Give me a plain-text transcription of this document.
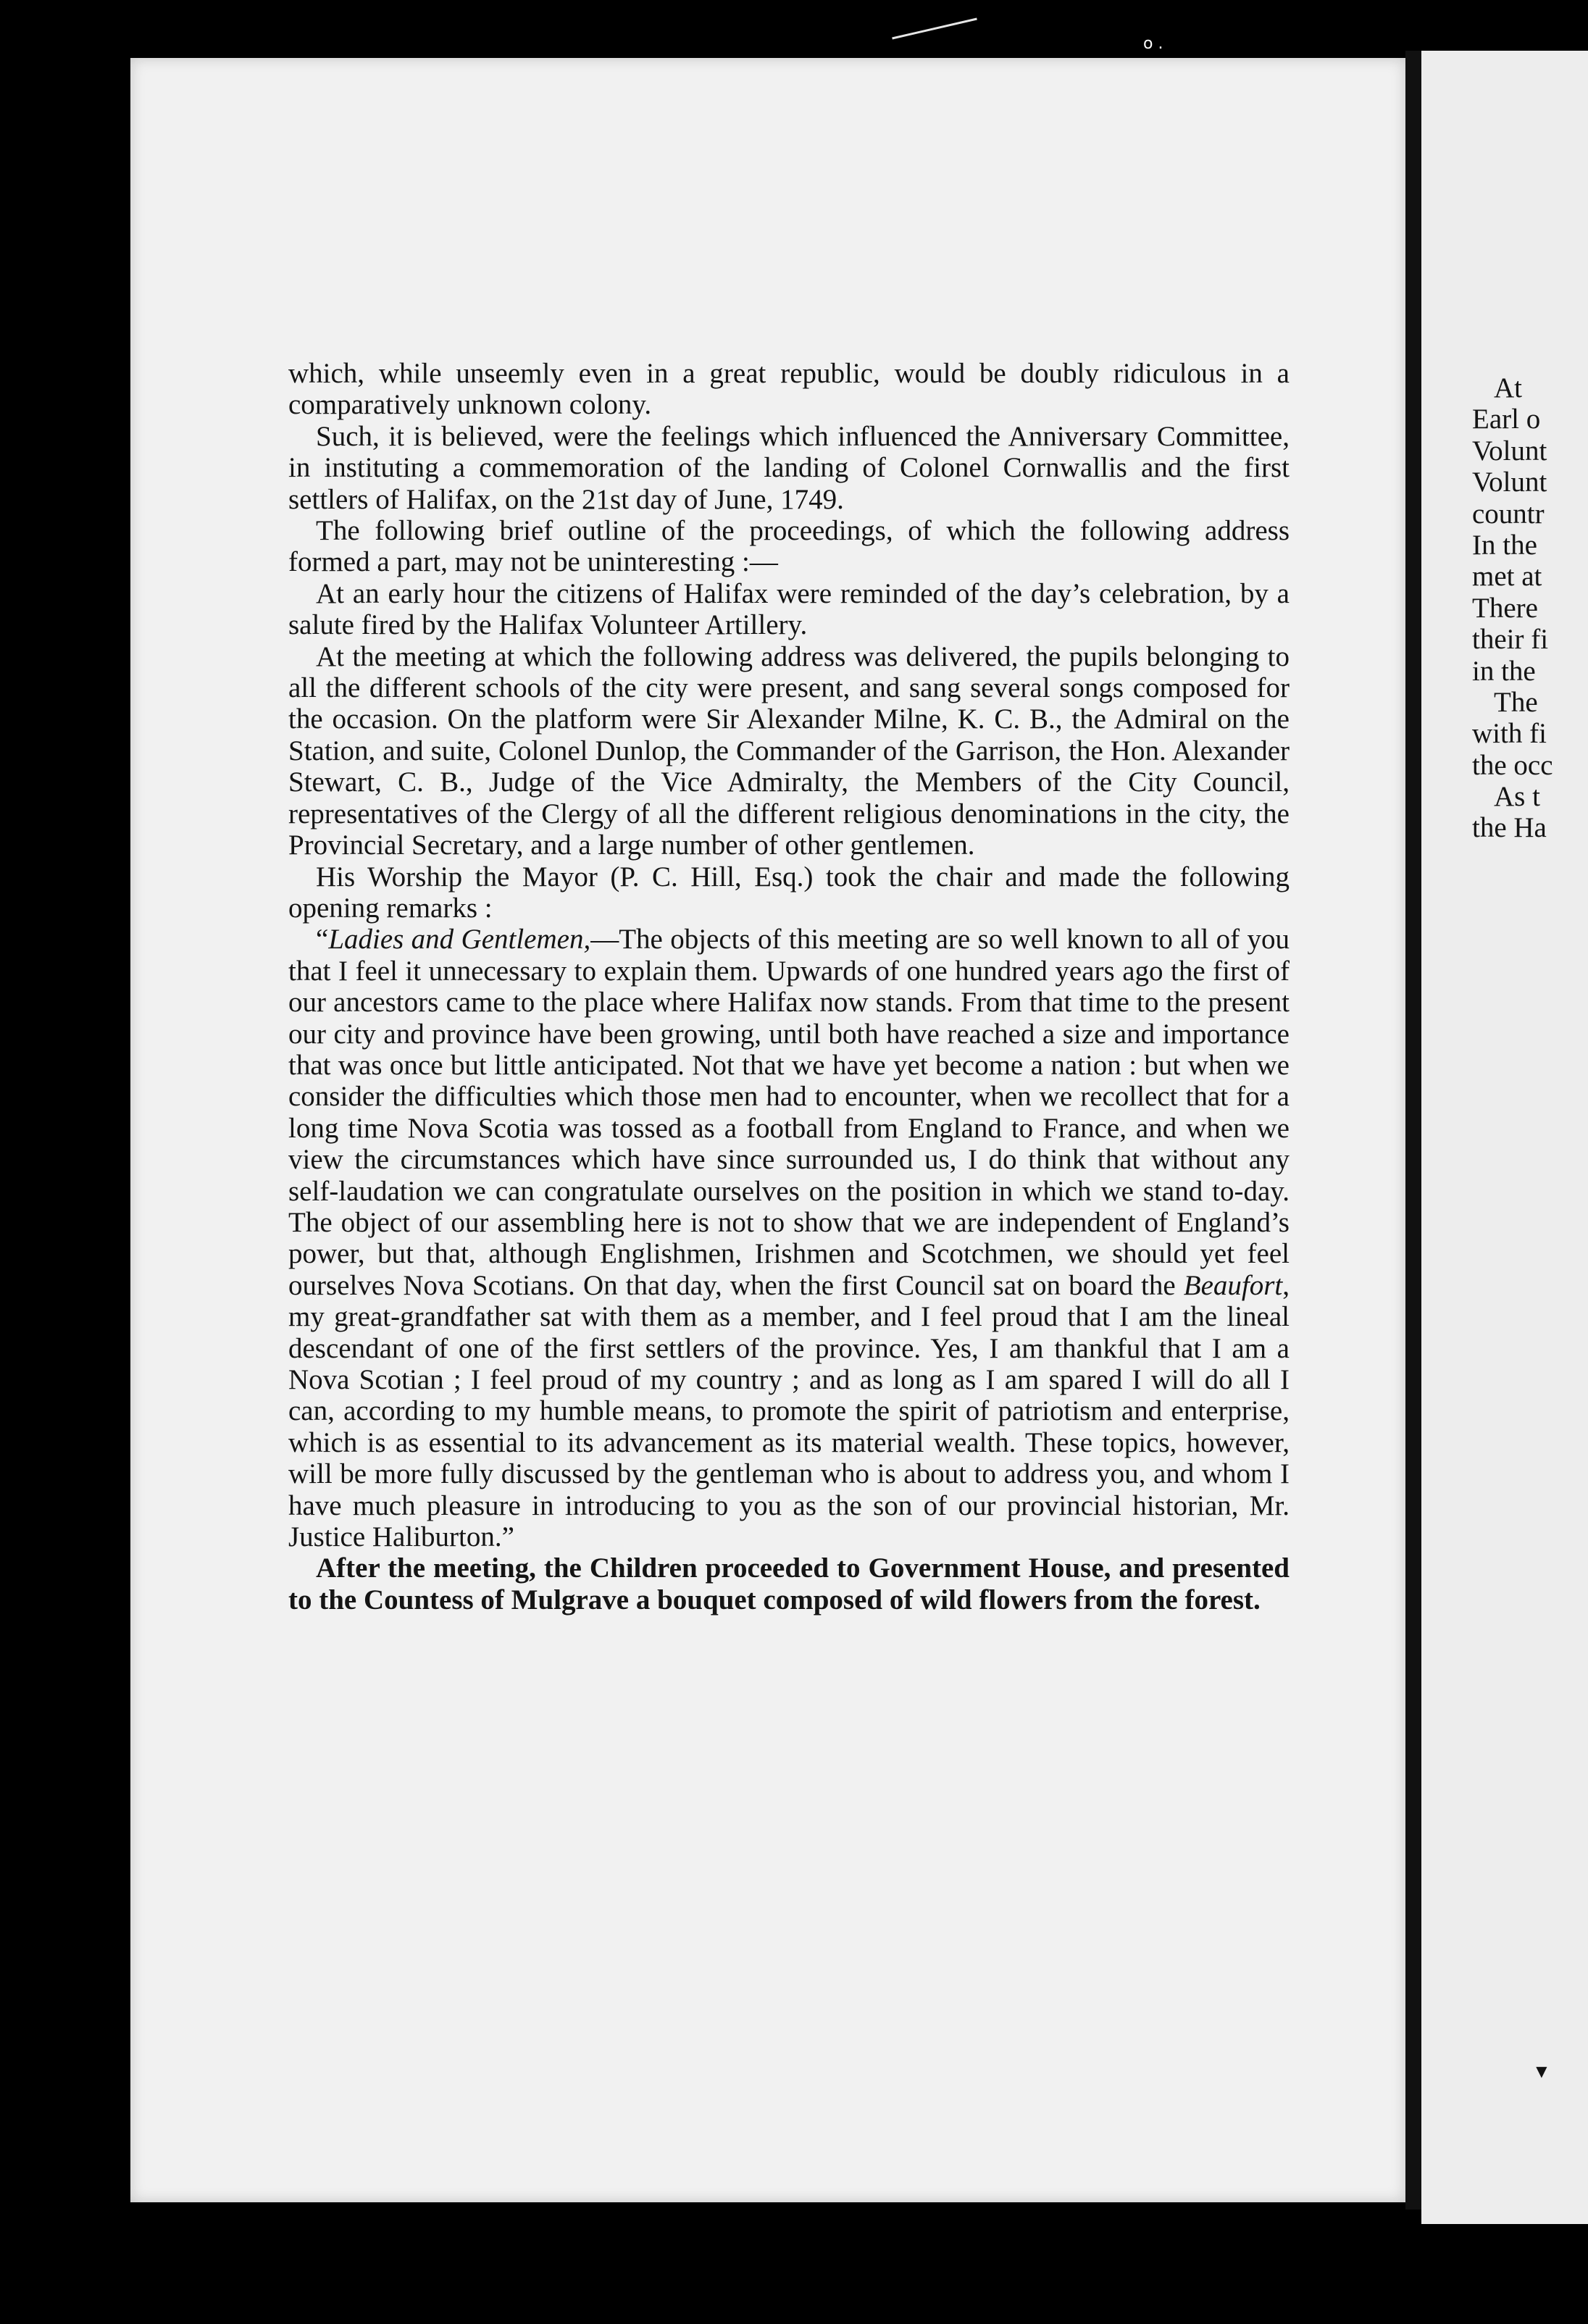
o .

which, while unseemly even in a great republic, would be doubly ridiculous in a comparatively unknown colony.

Such, it is believed, were the feelings which influenced the Anniversary Committee, in instituting a commemoration of the landing of Colonel Cornwallis and the first settlers of Halifax, on the 21st day of June, 1749.

The following brief outline of the proceedings, of which the following address formed a part, may not be uninteresting :—

At an early hour the citizens of Halifax were reminded of the day’s celebration, by a salute fired by the Halifax Volunteer Artillery.

At the meeting at which the following address was delivered, the pupils belonging to all the different schools of the city were present, and sang several songs composed for the occasion. On the platform were Sir Alexander Milne, K. C. B., the Admiral on the Station, and suite, Colonel Dunlop, the Commander of the Garrison, the Hon. Alexander Stewart, C. B., Judge of the Vice Admiralty, the Members of the City Council, representatives of the Clergy of all the different religious denominations in the city, the Provincial Secretary, and a large number of other gentlemen.

His Worship the Mayor (P. C. Hill, Esq.) took the chair and made the following opening remarks :

“Ladies and Gentlemen,—The objects of this meeting are so well known to all of you that I feel it unnecessary to explain them. Upwards of one hundred years ago the first of our ancestors came to the place where Halifax now stands. From that time to the present our city and province have been growing, until both have reached a size and importance that was once but little anticipated. Not that we have yet become a nation : but when we consider the difficulties which those men had to encounter, when we recollect that for a long time Nova Scotia was tossed as a football from England to France, and when we view the circumstances which have since surrounded us, I do think that without any self-laudation we can congratulate ourselves on the position in which we stand to-day. The object of our assembling here is not to show that we are independent of England’s power, but that, although Englishmen, Irishmen and Scotchmen, we should yet feel ourselves Nova Scotians. On that day, when the first Council sat on board the Beaufort, my great-grandfather sat with them as a member, and I feel proud that I am the lineal descendant of one of the first settlers of the province. Yes, I am thankful that I am a Nova Scotian ; I feel proud of my country ; and as long as I am spared I will do all I can, according to my humble means, to promote the spirit of patriotism and enterprise, which is as essential to its advancement as its material wealth. These topics, however, will be more fully discussed by the gentleman who is about to address you, and whom I have much pleasure in introducing to you as the son of our provincial historian, Mr. Justice Haliburton.”

After the meeting, the Children proceeded to Government House, and presented to the Countess of Mulgrave a bouquet composed of wild flowers from the forest.

At
Earl o
Volunt
Volunt
countr
In the
met at
There
their fi
in the
The
with fi
the occ
As t
the Ha
▼
